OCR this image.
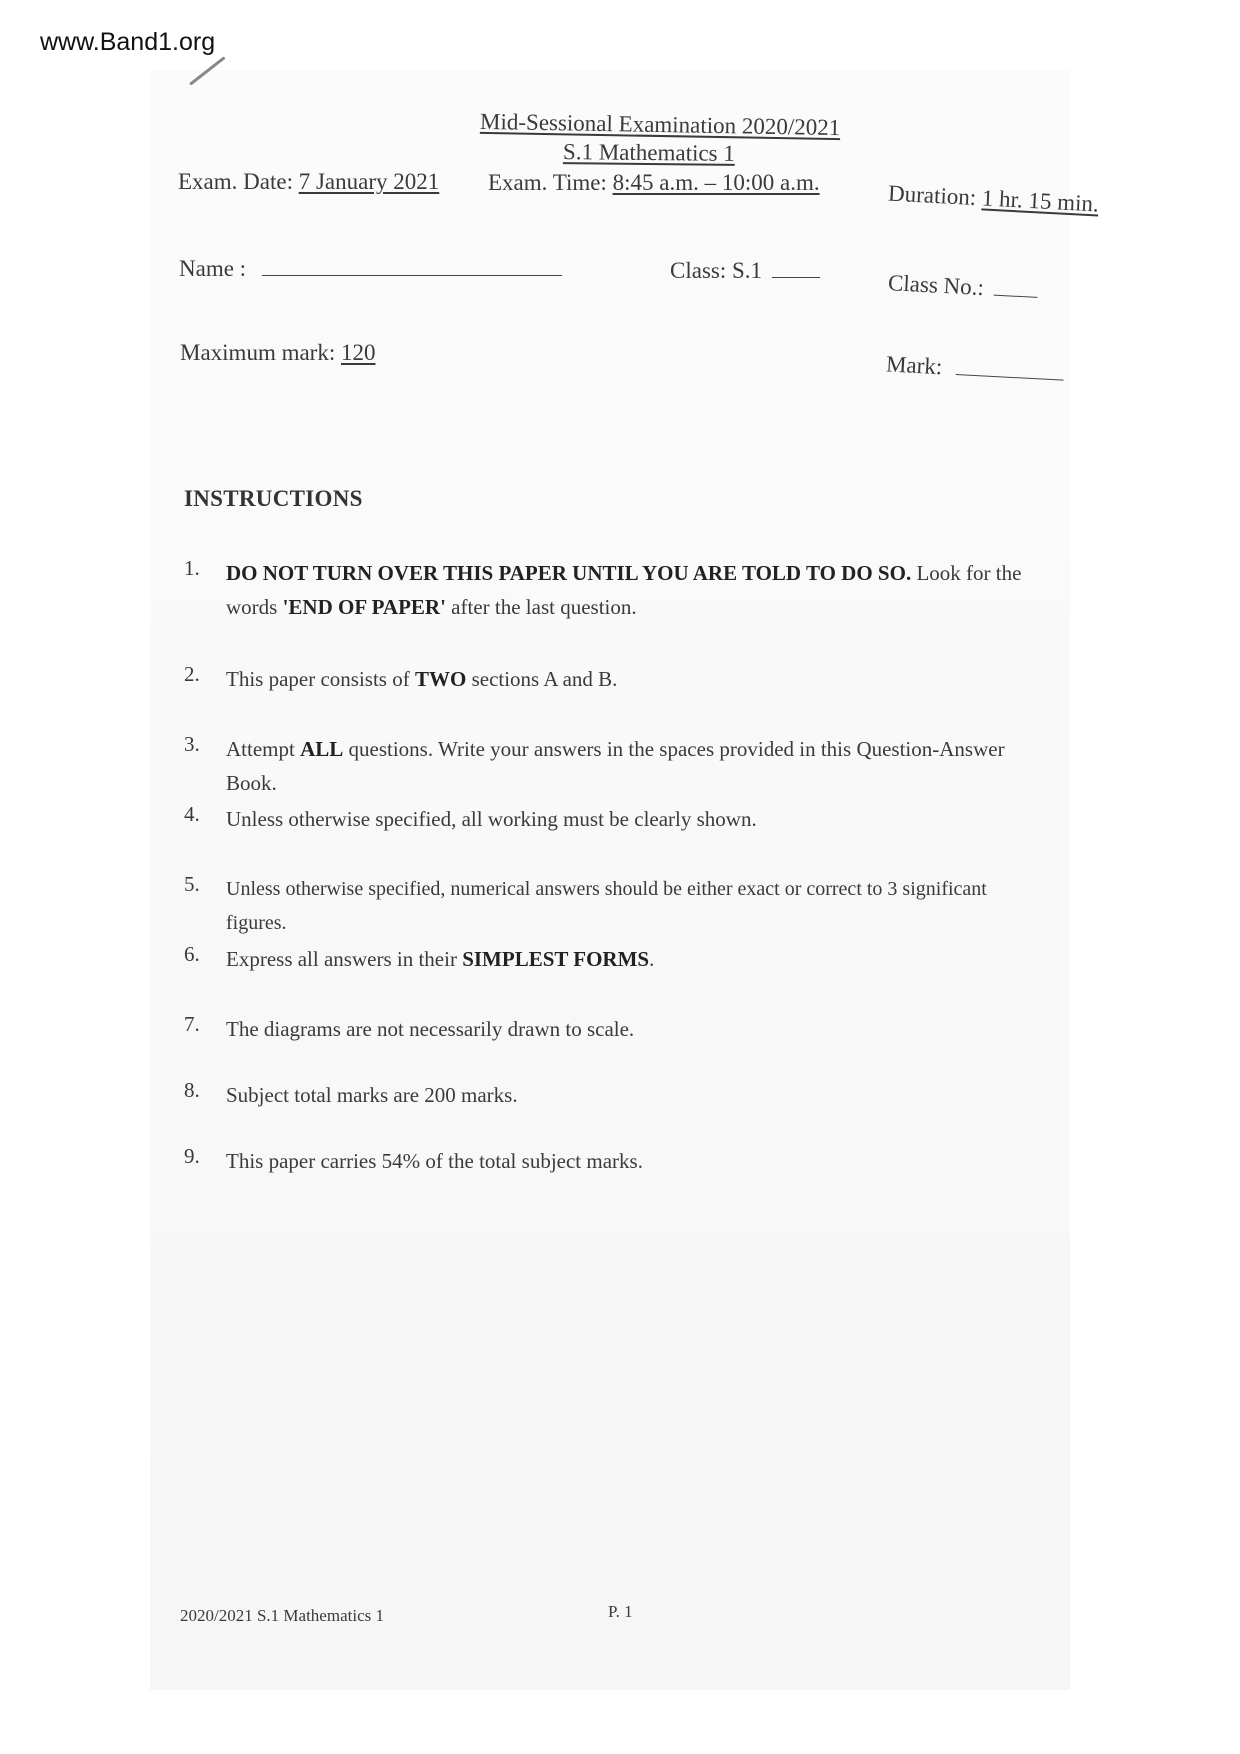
www.Band1.org
Mid-Sessional Examination 2020/2021
S.1 Mathematics 1
Exam. Date: 7 January 2021 Exam. Time: 8:45 a.m. – 10:00 a.m.	Duration: 1 hr. 15 min.
Name :	Class: S.1	Class No.:
Maximum mark: 120	Mark:
INSTRUCTIONS
1. DO NOT TURN OVER THIS PAPER UNTIL YOU ARE TOLD TO DO SO. Look for the words 'END OF PAPER' after the last question.
2. This paper consists of TWO sections A and B.
3. Attempt ALL questions. Write your answers in the spaces provided in this Question-Answer Book.
4. Unless otherwise specified, all working must be clearly shown.
5. Unless otherwise specified, numerical answers should be either exact or correct to 3 significant figures.
6. Express all answers in their SIMPLEST FORMS.
7. The diagrams are not necessarily drawn to scale.
8. Subject total marks are 200 marks.
9. This paper carries 54% of the total subject marks.
2020/2021 S.1 Mathematics 1	P. 1
